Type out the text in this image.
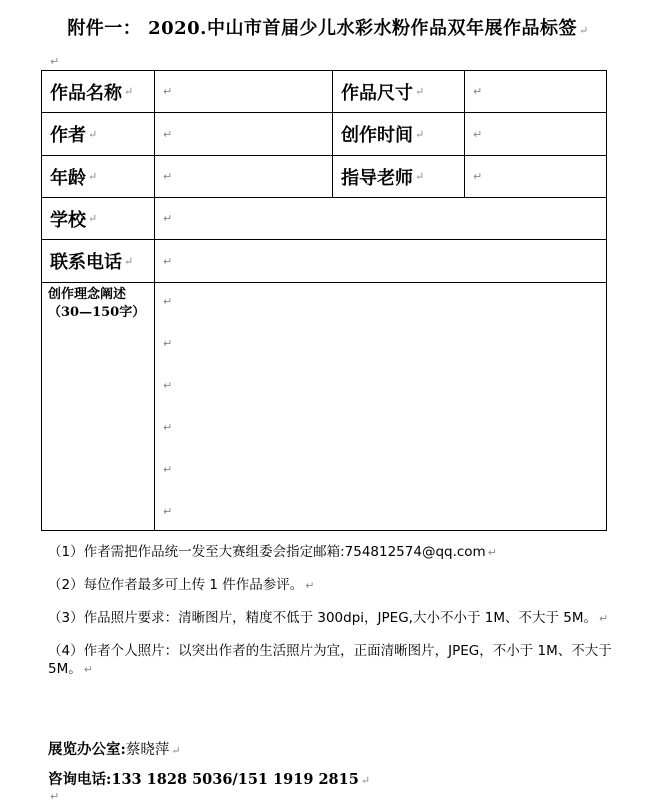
附件一： 2020.中山市首届少儿水彩水粉作品双年展作品标签 ↵
↵
作品名称 ↵	↵	作品尺寸 ↵	↵
作者 ↵	↵	创作时间 ↵	↵
年龄 ↵	↵	指导老师 ↵	↵
学校 ↵	↵
联系电话 ↵	↵
创作理念阐述
（30—150字）
↵
↵
↵
↵
↵
↵
（1）作者需把作品统一发至大赛组委会指定邮箱:754812574@qq.com ↵
（2）每位作者最多可上传 1 件作品参评。 ↵
（3）作品照片要求：清晰图片，精度不低于 300dpi，JPEG,大小不小于 1M、不大于 5M。 ↵
（4）作者个人照片：以突出作者的生活照片为宜，正面清晰图片，JPEG，不小于 1M、不大于 5M。 ↵
展览办公室:蔡晓萍 ↵
咨询电话:133 1828 5036/151 1919 2815 ↵
↵
